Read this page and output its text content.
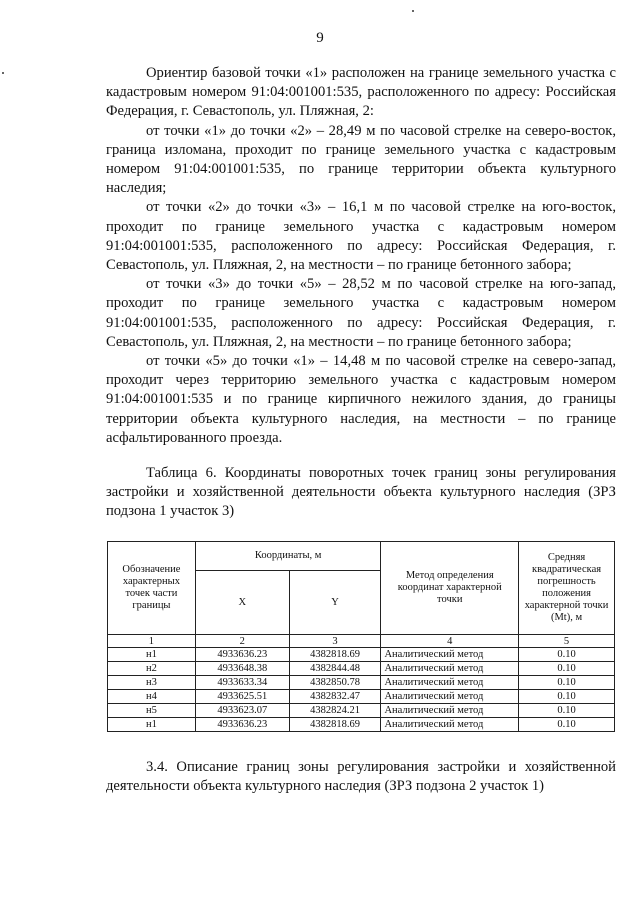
9

Ориентир базовой точки «1» расположен на границе земельного участка с кадастровым номером 91:04:001001:535, расположенного по адресу: Российская Федерация, г. Севастополь, ул. Пляжная, 2:

от точки «1» до точки «2» – 28,49 м по часовой стрелке на северо-восток, граница изломана, проходит по границе земельного участка с кадастровым номером 91:04:001001:535, по границе территории объекта культурного наследия;

от точки «2» до точки «3» – 16,1 м по часовой стрелке на юго-восток, проходит по границе земельного участка с кадастровым номером 91:04:001001:535, расположенного по адресу: Российская Федерация, г. Севастополь, ул. Пляжная, 2, на местности – по границе бетонного забора;

от точки «3» до точки «5» – 28,52 м по часовой стрелке на юго-запад, проходит по границе земельного участка с кадастровым номером 91:04:001001:535, расположенного по адресу: Российская Федерация, г. Севастополь, ул. Пляжная, 2, на местности – по границе бетонного забора;

от точки «5» до точки «1» – 14,48 м по часовой стрелке на северо-запад, проходит через территорию земельного участка с кадастровым номером 91:04:001001:535 и по границе кирпичного нежилого здания, до границы территории объекта культурного наследия, на местности – по границе асфальтированного проезда.

Таблица 6. Координаты поворотных точек границ зоны регулирования застройки и хозяйственной деятельности объекта культурного наследия (ЗРЗ подзона 1 участок 3)

Обозначение характерных точек части границы	Координаты, м		Метод определения координат характерной точки	Средняя квадратическая погрешность положения характерной точки (Mt), м
	X	Y		
1	2	3	4	5
н1	4933636.23	4382818.69	Аналитический метод	0.10
н2	4933648.38	4382844.48	Аналитический метод	0.10
н3	4933633.34	4382850.78	Аналитический метод	0.10
н4	4933625.51	4382832.47	Аналитический метод	0.10
н5	4933623.07	4382824.21	Аналитический метод	0.10
н1	4933636.23	4382818.69	Аналитический метод	0.10

3.4. Описание границ зоны регулирования застройки и хозяйственной деятельности объекта культурного наследия (ЗРЗ подзона 2 участок 1)
